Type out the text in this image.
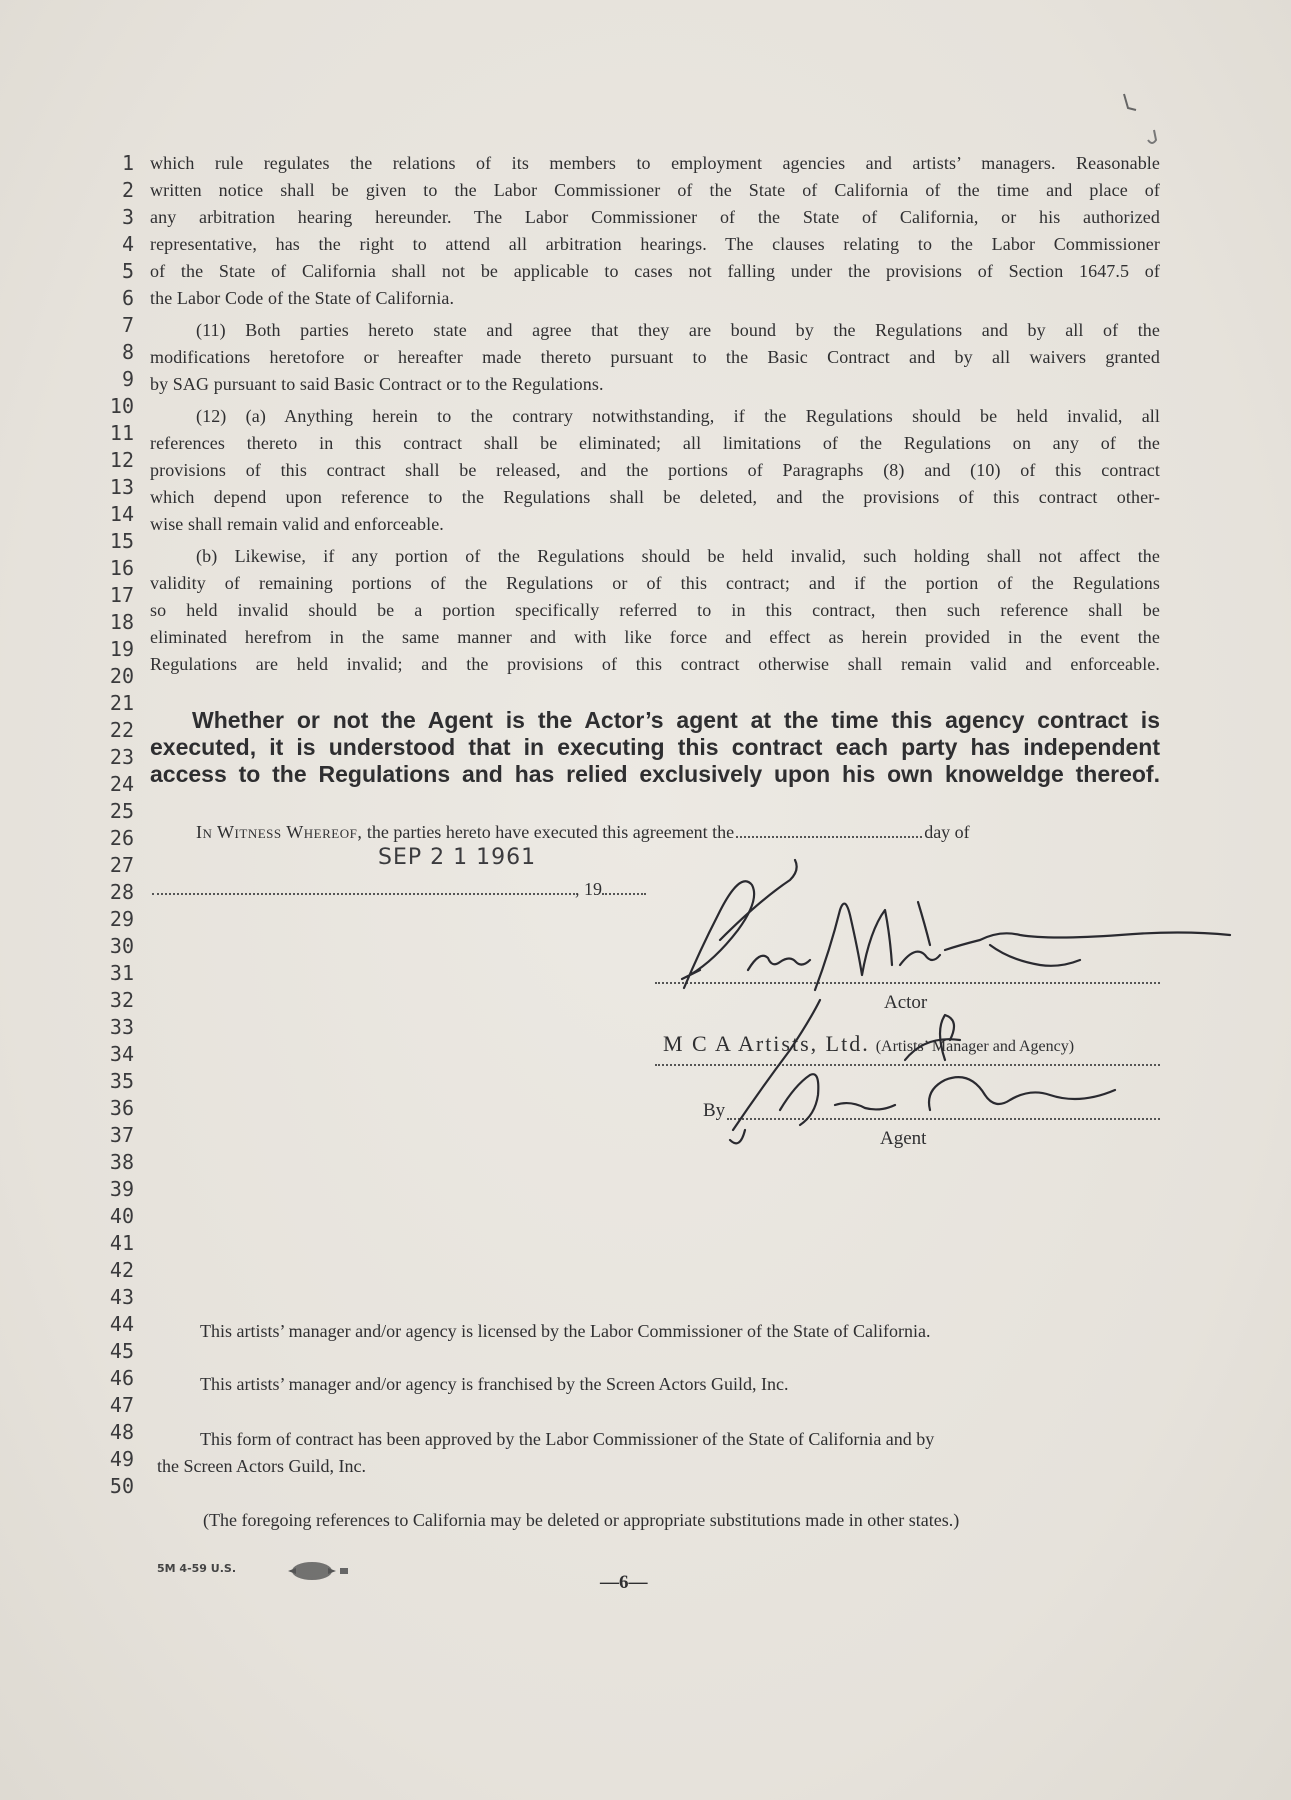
1
2
3
4
5
6
7
8
9
10
11
12
13
14
15
16
17
18
19
20
21
22
23
24
25
26
27
28
29
30
31
32
33
34
35
36
37
38
39
40
41
42
43
44
45
46
47
48
49
50
which rule regulates the relations of its members to employment agencies and artists’ managers. Reasonable
written notice shall be given to the Labor Commissioner of the State of California of the time and place of
any arbitration hearing hereunder. The Labor Commissioner of the State of California, or his authorized
representative, has the right to attend all arbitration hearings. The clauses relating to the Labor Commissioner
of the State of California shall not be applicable to cases not falling under the provisions of Section 1647.5 of
the Labor Code of the State of California.
(11) Both parties hereto state and agree that they are bound by the Regulations and by all of the
modifications heretofore or hereafter made thereto pursuant to the Basic Contract and by all waivers granted
by SAG pursuant to said Basic Contract or to the Regulations.
(12) (a) Anything herein to the contrary notwithstanding, if the Regulations should be held invalid, all
references thereto in this contract shall be eliminated; all limitations of the Regulations on any of the
provisions of this contract shall be released, and the portions of Paragraphs (8) and (10) of this contract
which depend upon reference to the Regulations shall be deleted, and the provisions of this contract other-
wise shall remain valid and enforceable.
(b) Likewise, if any portion of the Regulations should be held invalid, such holding shall not affect the
validity of remaining portions of the Regulations or of this contract; and if the portion of the Regulations
so held invalid should be a portion specifically referred to in this contract, then such reference shall be
eliminated herefrom in the same manner and with like force and effect as herein provided in the event the
Regulations are held invalid; and the provisions of this contract otherwise shall remain valid and enforceable.
Whether or not the Agent is the Actor’s agent at the time this agency contract is
executed, it is understood that in executing this contract each party has independent
access to the Regulations and has relied exclusively upon his own knoweldge thereof.
In Witness Whereof, the parties hereto have executed this agreement the	day of
SEP 2 1 1961
, 19
Actor
M C A Artists, Ltd. (Artists’ Manager and Agency)
By
Agent
This artists’ manager and/or agency is licensed by the Labor Commissioner of the State of California.
This artists’ manager and/or agency is franchised by the Screen Actors Guild, Inc.
This form of contract has been approved by the Labor Commissioner of the State of California and by
the Screen Actors Guild, Inc.
(The foregoing references to California may be deleted or appropriate substitutions made in other states.)
5M 4-59 U.S.
—6—
